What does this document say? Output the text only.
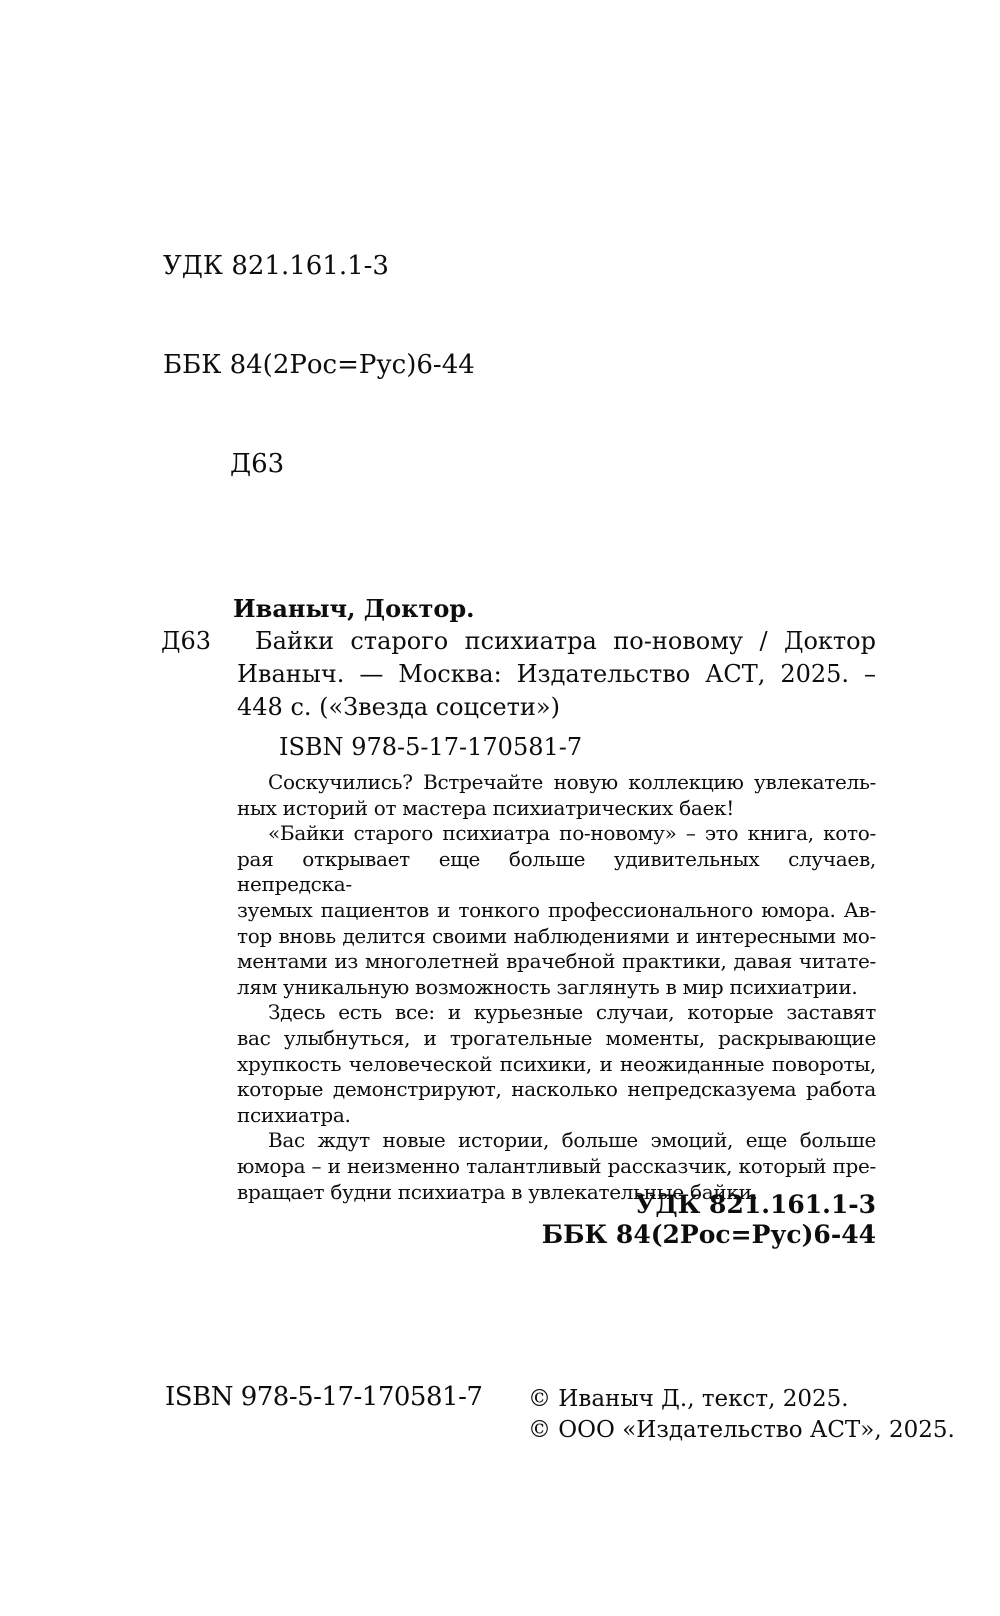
УДК 821.161.1-3

ББК 84(2Рос=Рус)6-44

Д63

Иваныч, Доктор.
Д63	Байки старого психиатра по-новому / Доктор
Иваныч. — Москва: Издательство АСТ, 2025. –
448 с. («Звезда соцсети»)
ISBN 978-5-17-170581-7
Соскучились? Встречайте новую коллекцию увлекатель-
ных историй от мастера психиатрических баек!
«Байки старого психиатра по-новому» – это книга, кото-
рая открывает еще больше удивительных случаев, непредска-
зуемых пациентов и тонкого профессионального юмора. Ав-
тор вновь делится своими наблюдениями и интересными мо-
ментами из многолетней врачебной практики, давая читате-
лям уникальную возможность заглянуть в мир психиатрии.
Здесь есть все: и курьезные случаи, которые заставят
вас улыбнуться, и трогательные моменты, раскрывающие
хрупкость человеческой психики, и неожиданные повороты,
которые демонстрируют, насколько непредсказуема работа
психиатра.
Вас ждут новые истории, больше эмоций, еще больше
юмора – и неизменно талантливый рассказчик, который пре-
вращает будни психиатра в увлекательные байки.
УДК 821.161.1-3
ББК 84(2Рос=Рус)6-44
ISBN 978-5-17-170581-7 © Иваныч Д., текст, 2025.
© ООО «Издательство АСТ», 2025.
